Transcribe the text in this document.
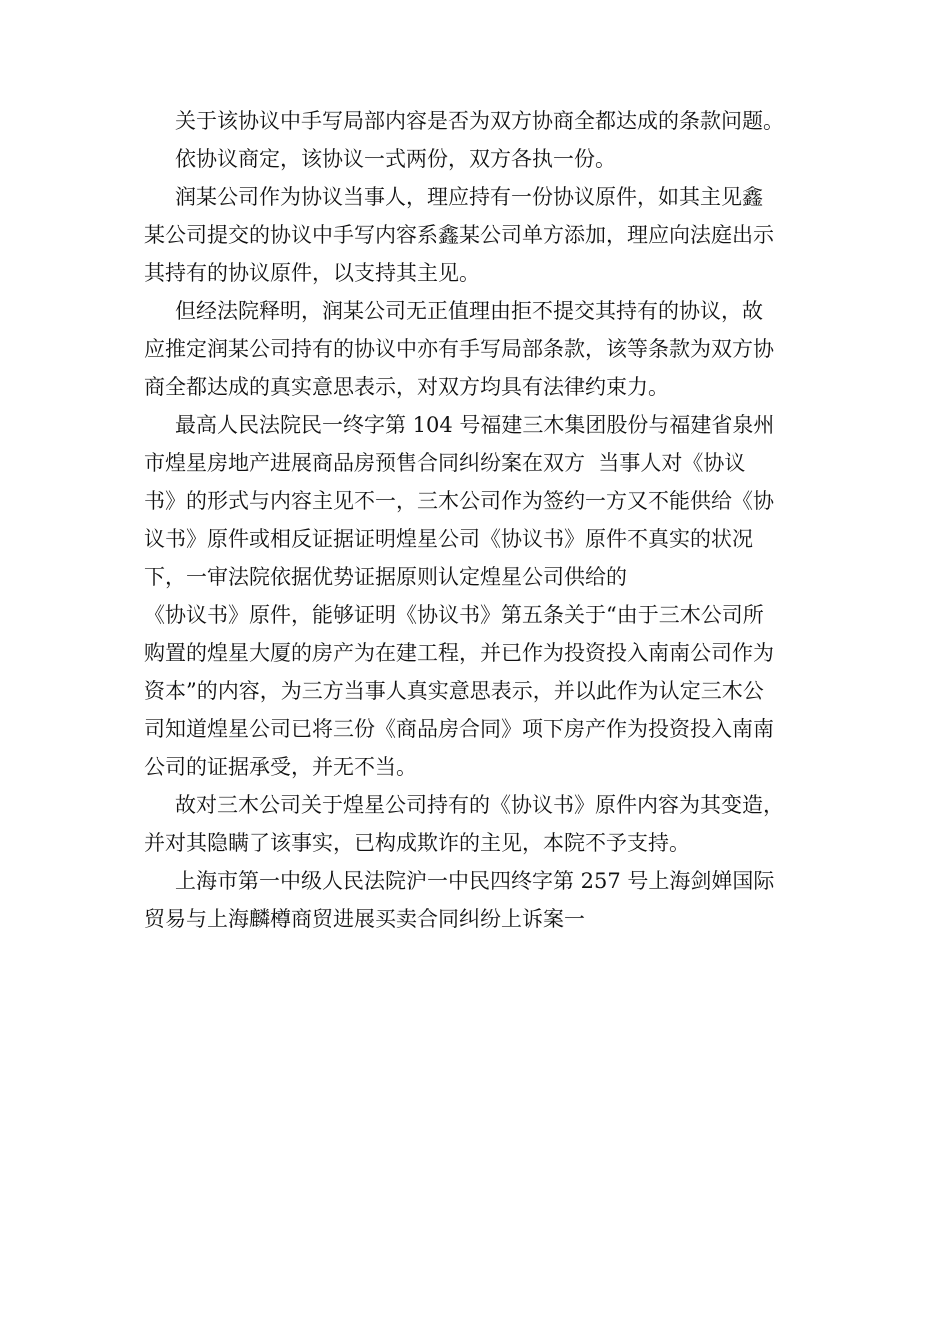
关于该协议中手写局部内容是否为双方协商全都达成的条款问题。

依协议商定，该协议一式两份，双方各执一份。

润某公司作为协议当事人，理应持有一份协议原件，如其主见鑫

某公司提交的协议中手写内容系鑫某公司单方添加，理应向法庭出示

其持有的协议原件，以支持其主见。

但经法院释明，润某公司无正值理由拒不提交其持有的协议，故

应推定润某公司持有的协议中亦有手写局部条款，该等条款为双方协

商全都达成的真实意思表示，对双方均具有法律约束力。

最高人民法院民一终字第 104 号福建三木集团股份与福建省泉州

市煌星房地产进展商品房预售合同纠纷案在双方  当事人对《协议

书》的形式与内容主见不一，三木公司作为签约一方又不能供给《协

议书》原件或相反证据证明煌星公司《协议书》原件不真实的状况

下，一审法院依据优势证据原则认定煌星公司供给的

《协议书》原件，能够证明《协议书》第五条关于“由于三木公司所

购置的煌星大厦的房产为在建工程，并已作为投资投入南南公司作为

资本”的内容，为三方当事人真实意思表示，并以此作为认定三木公

司知道煌星公司已将三份《商品房合同》项下房产作为投资投入南南

公司的证据承受，并无不当。

故对三木公司关于煌星公司持有的《协议书》原件内容为其变造，

并对其隐瞒了该事实，已构成欺诈的主见，本院不予支持。

上海市第一中级人民法院沪一中民四终字第 257 号上海剑婵国际

贸易与上海麟樽商贸进展买卖合同纠纷上诉案一
